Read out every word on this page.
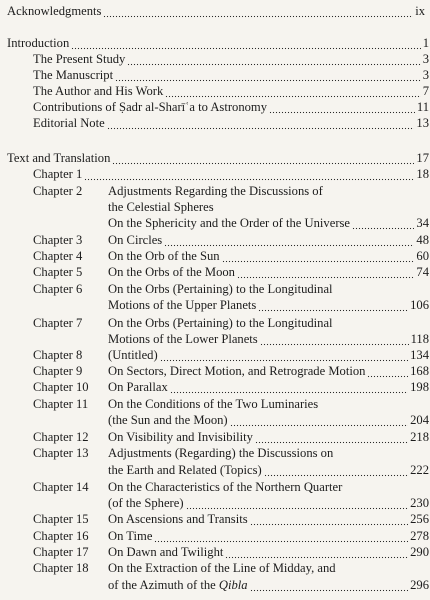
Acknowledgments	ix
Introduction	1
The Present Study	3
The Manuscript	3
The Author and His Work	7
Contributions of Ṣadr al-Sharīʿa to Astronomy	11
Editorial Note	13
Text and Translation	17
Chapter 1	18
Chapter 2 Adjustments Regarding the Discussions of
the Celestial Spheres
On the Sphericity and the Order of the Universe	34
Chapter 3 On Circles	48
Chapter 4 On the Orb of the Sun	60
Chapter 5 On the Orbs of the Moon	74
Chapter 6 On the Orbs (Pertaining) to the Longitudinal
Motions of the Upper Planets	106
Chapter 7 On the Orbs (Pertaining) to the Longitudinal
Motions of the Lower Planets	118
Chapter 8 (Untitled)	134
Chapter 9 On Sectors, Direct Motion, and Retrograde Motion	168
Chapter 10 On Parallax	198
Chapter 11 On the Conditions of the Two Luminaries
(the Sun and the Moon)	204
Chapter 12 On Visibility and Invisibility	218
Chapter 13 Adjustments (Regarding) the Discussions on
the Earth and Related (Topics)	222
Chapter 14 On the Characteristics of the Northern Quarter
(of the Sphere)	230
Chapter 15 On Ascensions and Transits	256
Chapter 16 On Time	278
Chapter 17 On Dawn and Twilight	290
Chapter 18 On the Extraction of the Line of Midday, and
of the Azimuth of the Qibla	296
